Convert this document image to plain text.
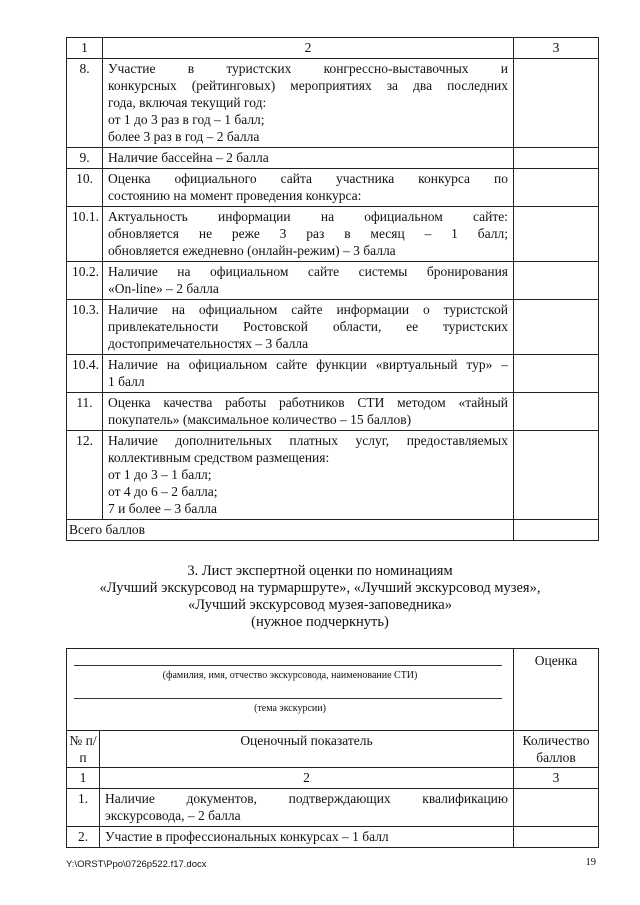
1	2	3
8.	Участие в туристских конгрессно-выставочных и
конкурсных (рейтинговых) мероприятиях за два последних
года, включая текущий год:
от 1 до 3 раз в год – 1 балл;
более 3 раз в год – 2 балла	

9.	Наличие бассейна – 2 балла	

10.	Оценка официального сайта участника конкурса по
состоянию на момент проведения конкурса:	

10.1.	Актуальность информации на официальном сайте:
обновляется не реже 3 раз в месяц – 1 балл;
обновляется ежедневно (онлайн-режим) – 3 балла	

10.2.	Наличие на официальном сайте системы бронирования
«On-line» – 2 балла	

10.3.	Наличие на официальном сайте информации о туристской
привлекательности Ростовской области, ее туристских
достопримечательностях – 3 балла	

10.4.	Наличие на официальном сайте функции «виртуальный тур» –
1 балл	

11.	Оценка качества работы работников СТИ методом «тайный
покупатель» (максимальное количество – 15 баллов)	

12.	Наличие дополнительных платных услуг, предоставляемых
коллективным средством размещения:
от 1 до 3 – 1 балл;
от 4 до 6 – 2 балла;
7 и более – 3 балла	

Всего баллов		
3. Лист экспертной оценки по номинациям
«Лучший экскурсовод на турмаршруте», «Лучший экскурсовод музея»,
«Лучший экскурсовод музея-заповедника»
(нужное подчеркнуть)
(фамилия, имя, отчество экскурсовода, наименование СТИ)
(тема экскурсии)		Оценка
№ п/п	Оценочный показатель	Количество баллов
1	2	3
1.	Наличие документов, подтверждающих квалификацию
экскурсовода, – 2 балла	

2.	Участие в профессиональных конкурсах – 1 балл	

Y:\ORST\Ppo\0726p522.f17.docx	19
